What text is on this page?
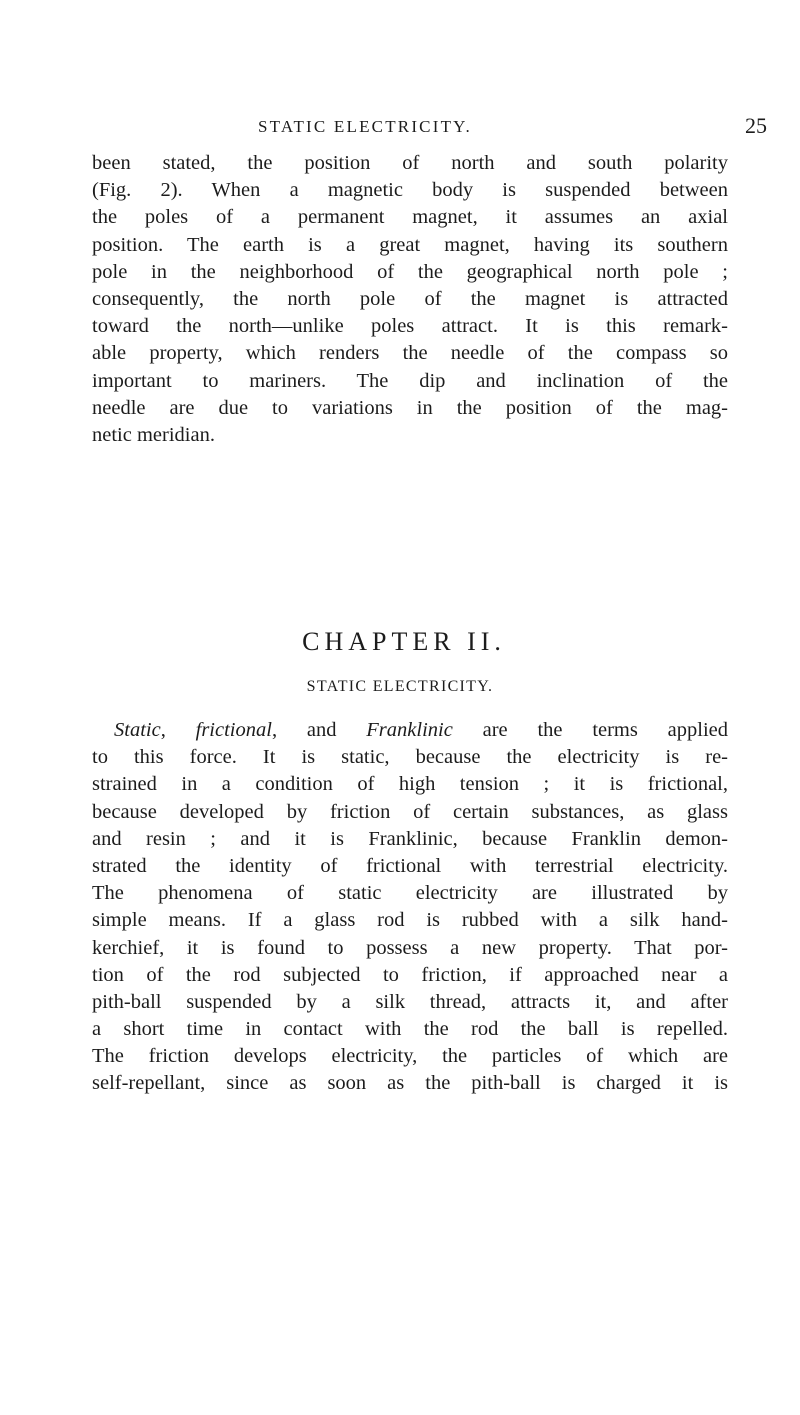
STATIC ELECTRICITY.	25
been stated, the position of north and south polarity
(Fig. 2). When a magnetic body is suspended between
the poles of a permanent magnet, it assumes an axial
position. The earth is a great magnet, having its southern
pole in the neighborhood of the geographical north pole ;
consequently, the north pole of the magnet is attracted
toward the north—unlike poles attract. It is this remark-
able property, which renders the needle of the compass so
important to mariners. The dip and inclination of the
needle are due to variations in the position of the mag-
netic meridian.
CHAPTER II.
STATIC ELECTRICITY.
Static, frictional, and Franklinic are the terms applied
to this force. It is static, because the electricity is re-
strained in a condition of high tension ; it is frictional,
because developed by friction of certain substances, as glass
and resin ; and it is Franklinic, because Franklin demon-
strated the identity of frictional with terrestrial electricity.
The phenomena of static electricity are illustrated by
simple means. If a glass rod is rubbed with a silk hand-
kerchief, it is found to possess a new property. That por-
tion of the rod subjected to friction, if approached near a
pith-ball suspended by a silk thread, attracts it, and after
a short time in contact with the rod the ball is repelled.
The friction develops electricity, the particles of which are
self-repellant, since as soon as the pith-ball is charged it is
